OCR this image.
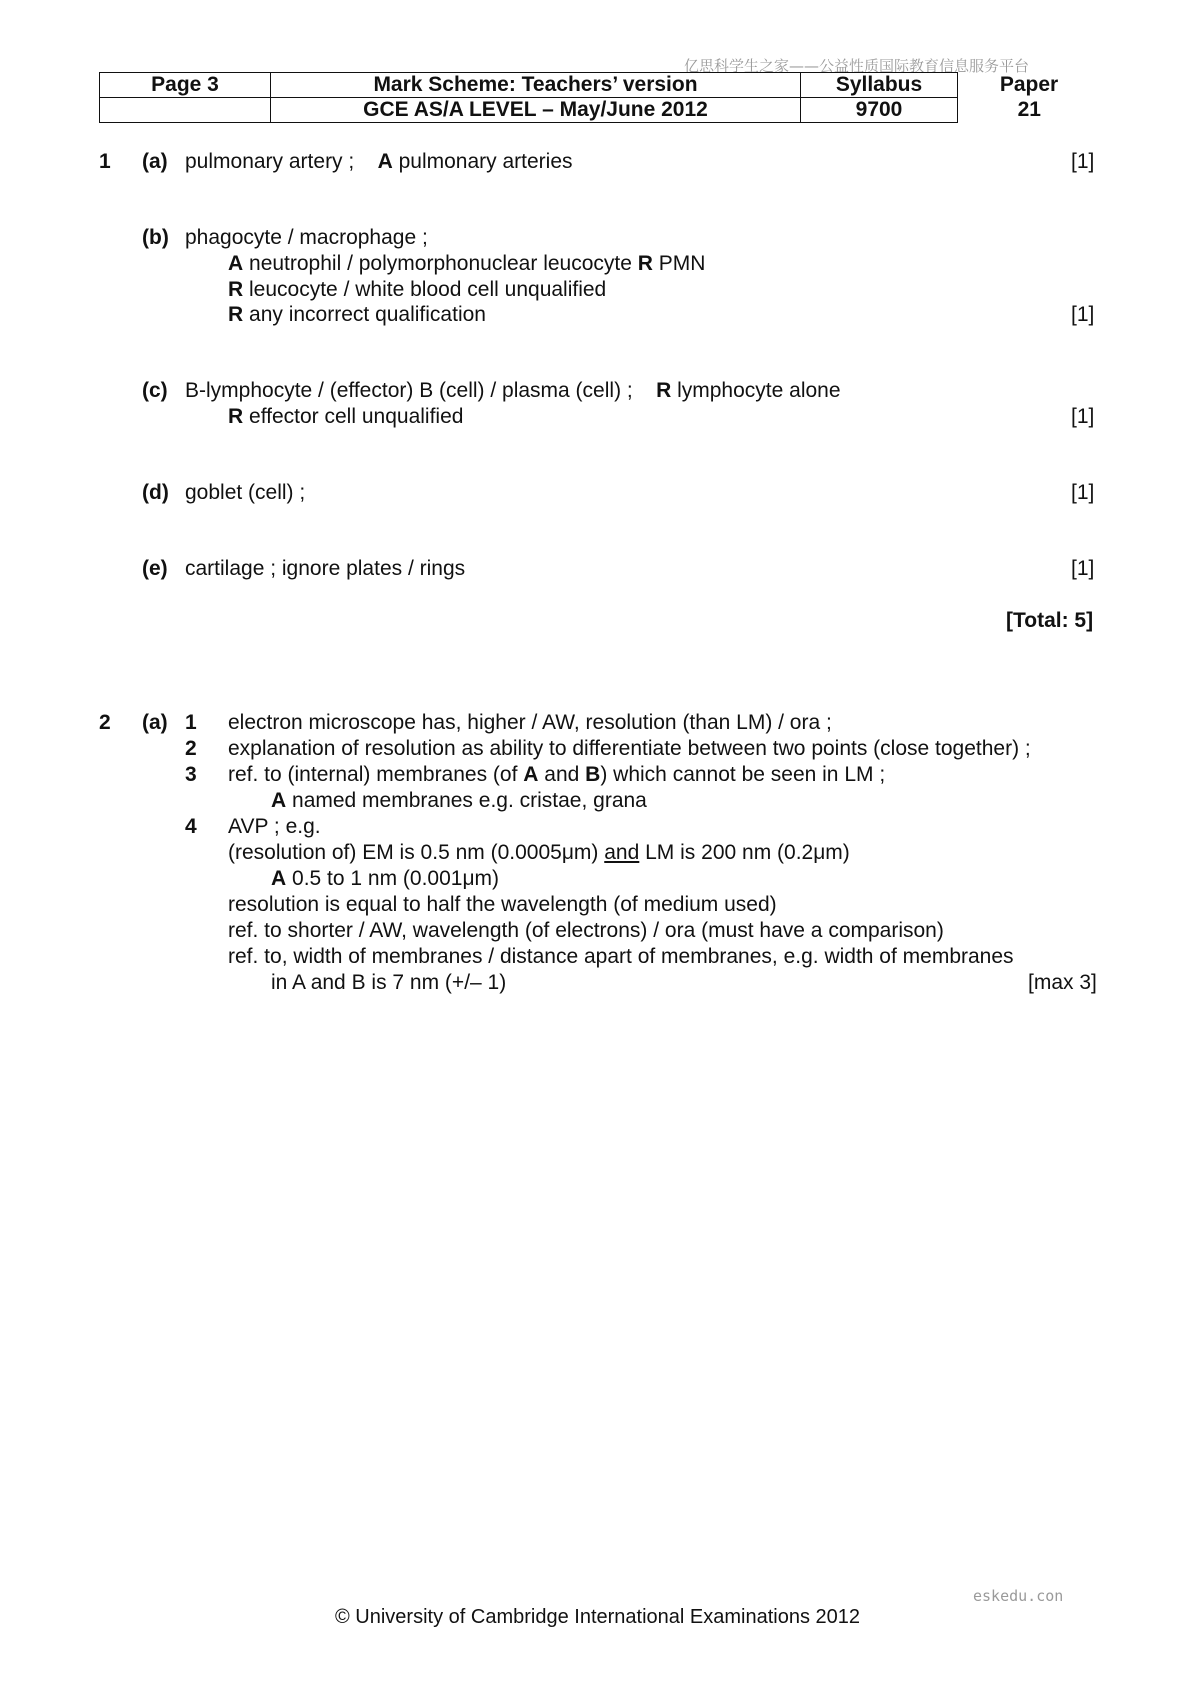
亿思科学生之家——公益性质国际教育信息服务平台
Page 3	Mark Scheme: Teachers’ version	Syllabus	Paper
	GCE AS/A LEVEL – May/June 2012	9700	21
1 (a) pulmonary artery ; A pulmonary arteries	[1]
(b) phagocyte / macrophage ;
A neutrophil / polymorphonuclear leucocyte R PMN
R leucocyte / white blood cell unqualified
R any incorrect qualification	[1]
(c) B-lymphocyte / (effector) B (cell) / plasma (cell) ; R lymphocyte alone
R effector cell unqualified	[1]
(d) goblet (cell) ;	[1]
(e) cartilage ; ignore plates / rings	[1]
[Total: 5]
2 (a) 1 electron microscope has, higher / AW, resolution (than LM) / ora ;
2 explanation of resolution as ability to differentiate between two points (close together) ;
3 ref. to (internal) membranes (of A and B) which cannot be seen in LM ;
A named membranes e.g. cristae, grana
4 AVP ; e.g.
(resolution of) EM is 0.5 nm (0.0005μm) and LM is 200 nm (0.2μm)
A 0.5 to 1 nm (0.001μm)
resolution is equal to half the wavelength (of medium used)
ref. to shorter / AW, wavelength (of electrons) / ora (must have a comparison)
ref. to, width of membranes / distance apart of membranes, e.g. width of membranes
in A and B is 7 nm (+/– 1)	[max 3]
eskedu.con
© University of Cambridge International Examinations 2012
